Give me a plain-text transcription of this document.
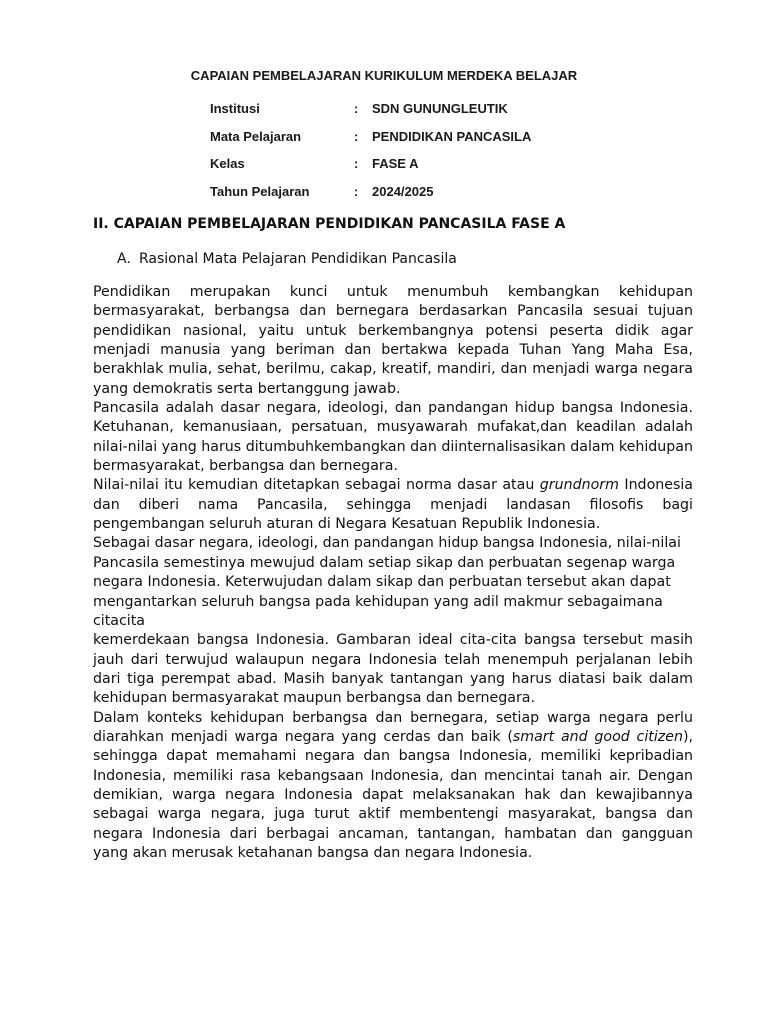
CAPAIAN PEMBELAJARAN KURIKULUM MERDEKA BELAJAR
Institusi	:	SDN GUNUNGLEUTIK
Mata Pelajaran	:	PENDIDIKAN PANCASILA
Kelas	:	FASE A
Tahun Pelajaran	:	2024/2025
II. CAPAIAN PEMBELAJARAN PENDIDIKAN PANCASILA FASE A
A. Rasional Mata Pelajaran Pendidikan Pancasila

Pendidikan merupakan kunci untuk menumbuh kembangkan kehidupan bermasyarakat, berbangsa dan bernegara berdasarkan Pancasila sesuai tujuan pendidikan nasional, yaitu untuk berkembangnya potensi peserta didik agar menjadi manusia yang beriman dan bertakwa kepada Tuhan Yang Maha Esa, berakhlak mulia, sehat, berilmu, cakap, kreatif, mandiri, dan menjadi warga negara yang demokratis serta bertanggung jawab.

Pancasila adalah dasar negara, ideologi, dan pandangan hidup bangsa Indonesia. Ketuhanan, kemanusiaan, persatuan, musyawarah mufakat,dan keadilan adalah nilai-nilai yang harus ditumbuhkembangkan dan diinternalisasikan dalam kehidupan bermasyarakat, berbangsa dan bernegara.

Nilai-nilai itu kemudian ditetapkan sebagai norma dasar atau grundnorm Indonesia dan diberi nama Pancasila, sehingga menjadi landasan filosofis bagi pengembangan seluruh aturan di Negara Kesatuan Republik Indonesia.

Sebagai dasar negara, ideologi, dan pandangan hidup bangsa Indonesia, nilai-nilai Pancasila semestinya mewujud dalam setiap sikap dan perbuatan segenap warga negara Indonesia. Keterwujudan dalam sikap dan perbuatan tersebut akan dapat mengantarkan seluruh bangsa pada kehidupan yang adil makmur sebagaimana citacita

kemerdekaan bangsa Indonesia. Gambaran ideal cita-cita bangsa tersebut masih jauh dari terwujud walaupun negara Indonesia telah menempuh perjalanan lebih dari tiga perempat abad. Masih banyak tantangan yang harus diatasi baik dalam kehidupan bermasyarakat maupun berbangsa dan bernegara.

Dalam konteks kehidupan berbangsa dan bernegara, setiap warga negara perlu diarahkan menjadi warga negara yang cerdas dan baik (smart and good citizen), sehingga dapat memahami negara dan bangsa Indonesia, memiliki kepribadian Indonesia, memiliki rasa kebangsaan Indonesia, dan mencintai tanah air. Dengan demikian, warga negara Indonesia dapat melaksanakan hak dan kewajibannya sebagai warga negara, juga turut aktif membentengi masyarakat, bangsa dan negara Indonesia dari berbagai ancaman, tantangan, hambatan dan gangguan yang akan merusak ketahanan bangsa dan negara Indonesia.
